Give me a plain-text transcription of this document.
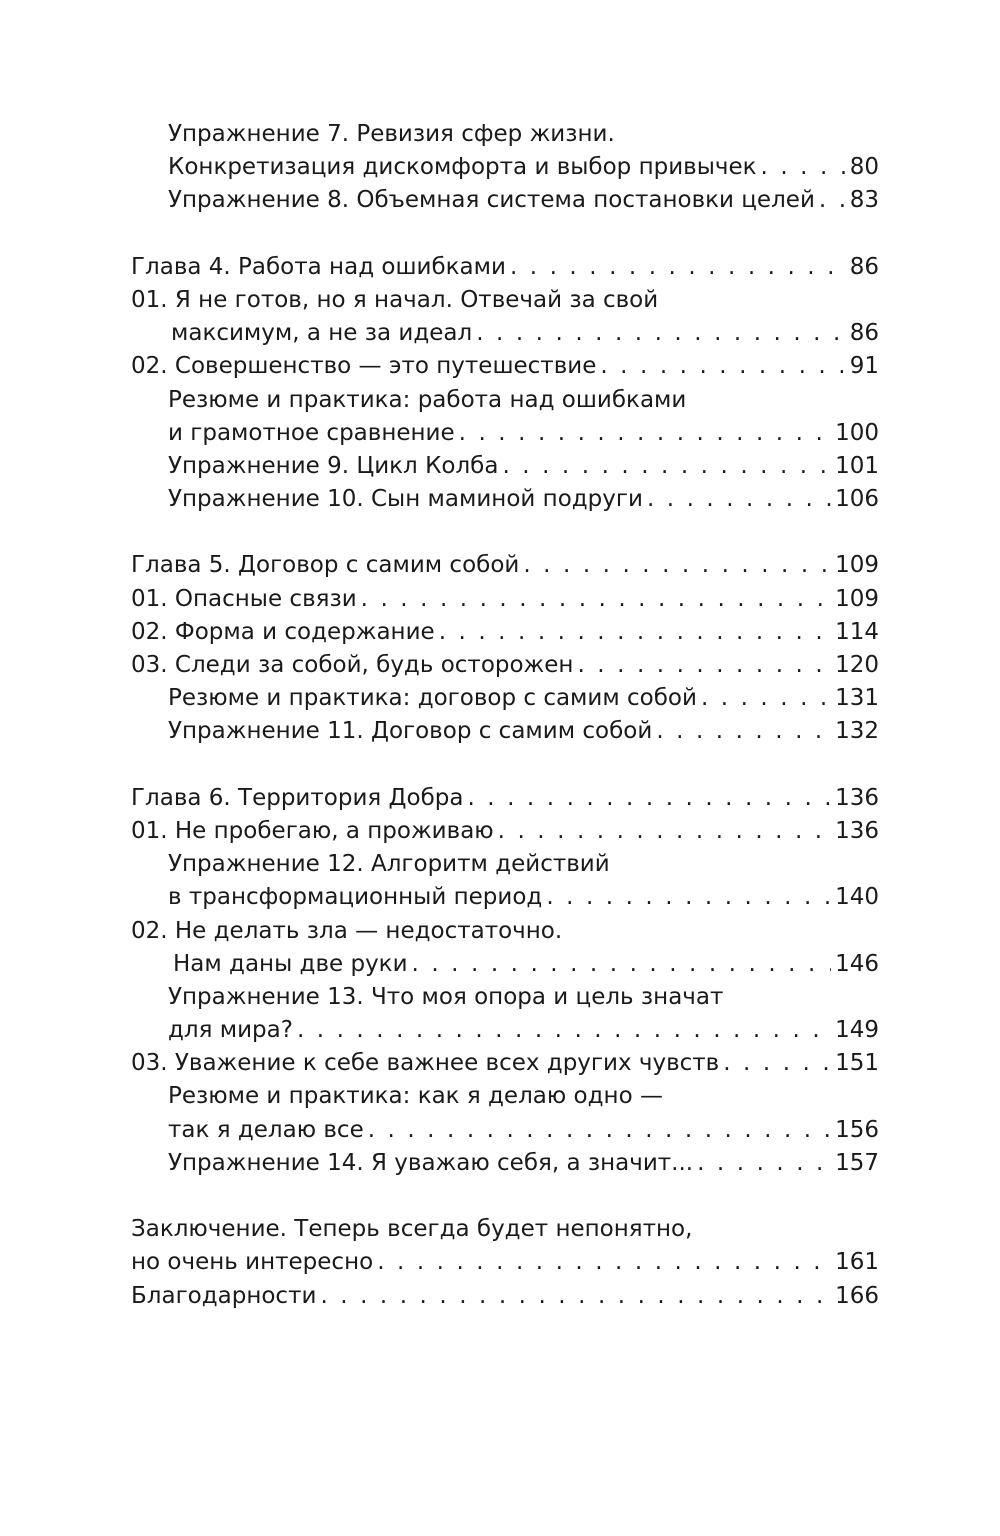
Упражнение 7. Ревизия сфер жизни.
Конкретизация дискомфорта и выбор привычек . . .	80
Упражнение 8. Объемная система постановки целей . . . 83
Глава 4. Работа над ошибками . . .	86
01. Я не готов, но я начал. Отвечай за свой
максимум, а не за идеал . . .	86
02. Совершенство — это путешествие . . .	91
Резюме и практика: работа над ошибками
и грамотное сравнение . . .	100
Упражнение 9. Цикл Колба . . .	101
Упражнение 10. Сын маминой подруги . . .	106
Глава 5. Договор с самим собой . . .	109
01. Опасные связи . . .	109
02. Форма и содержание . . .	114
03. Следи за собой, будь осторожен . . .	120
Резюме и практика: договор с самим собой . . .	131
Упражнение 11. Договор с самим собой . . .	132
Глава 6. Территория Добра . . .	136
01. Не пробегаю, а проживаю . . .	136
Упражнение 12. Алгоритм действий
в трансформационный период . . .	140
02. Не делать зла — недостаточно.
Нам даны две руки . . .	146
Упражнение 13. Что моя опора и цель значат
для мира? . . .	149
03. Уважение к себе важнее всех других чувств . . .	151
Резюме и практика: как я делаю одно —
так я делаю все . . .	156
Упражнение 14. Я уважаю себя, а значит... . . .	157
Заключение. Теперь всегда будет непонятно,
но очень интересно . . .	161
Благодарности . . .	166
